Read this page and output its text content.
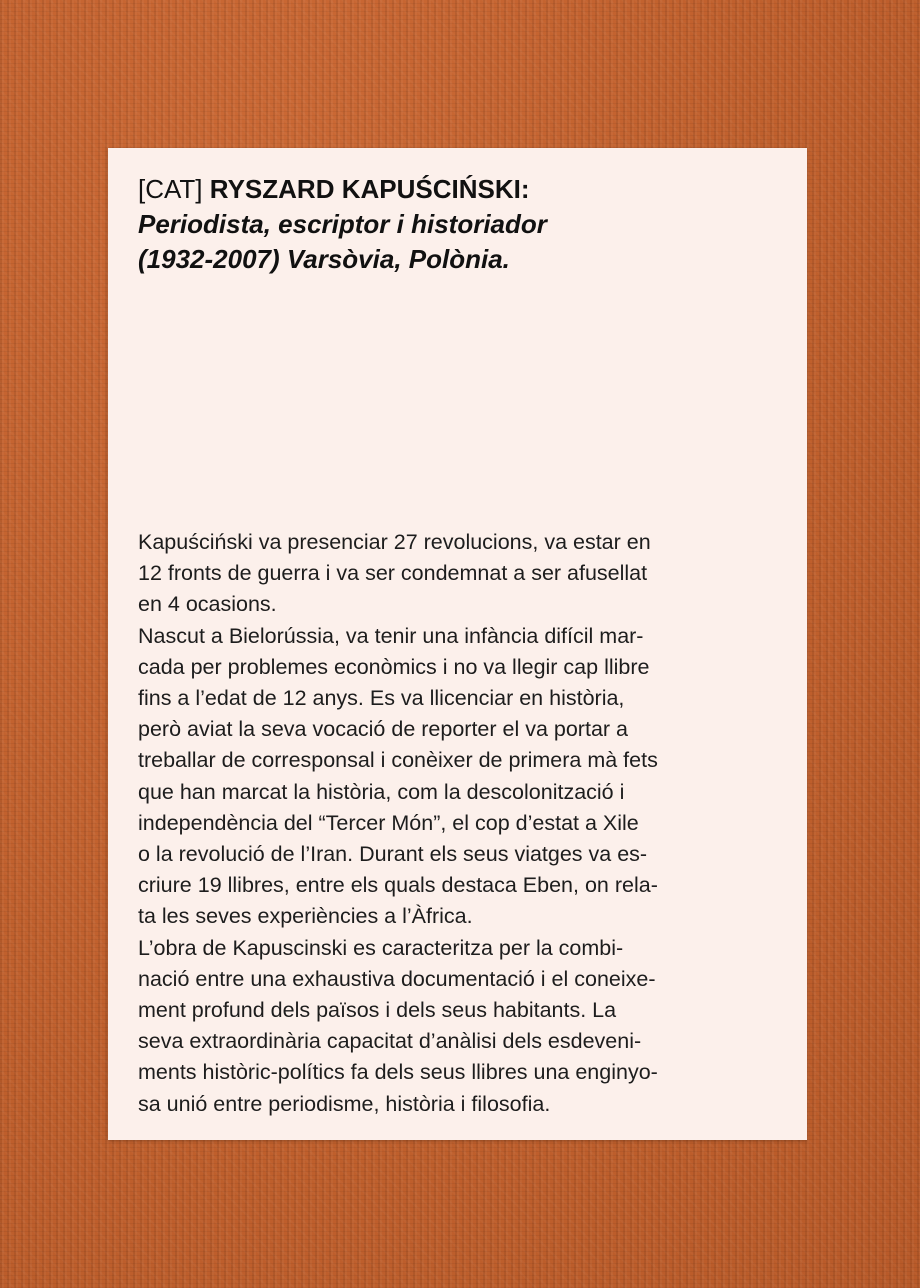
[CAT] RYSZARD KAPUŚCIŃSKI:
Periodista, escriptor i historiador
(1932-2007) Varsòvia, Polònia.

Kapuściński va presenciar 27 revolucions, va estar en
12 fronts de guerra i va ser condemnat a ser afusellat
en 4 ocasions.

Nascut a Bielorússia, va tenir una infància difícil mar-
cada per problemes econòmics i no va llegir cap llibre
fins a l’edat de 12 anys. Es va llicenciar en història,
però aviat la seva vocació de reporter el va portar a
treballar de corresponsal i conèixer de primera mà fets
que han marcat la història, com la descolonització i
independència del “Tercer Món”, el cop d’estat a Xile
o la revolució de l’Iran. Durant els seus viatges va es-
criure 19 llibres, entre els quals destaca Eben, on rela-
ta les seves experiències a l’Àfrica.

L’obra de Kapuscinski es caracteritza per la combi-
nació entre una exhaustiva documentació i el coneixe-
ment profund dels països i dels seus habitants. La
seva extraordinària capacitat d’anàlisi dels esdeveni-
ments històric-polítics fa dels seus llibres una enginyo-
sa unió entre periodisme, història i filosofia.
